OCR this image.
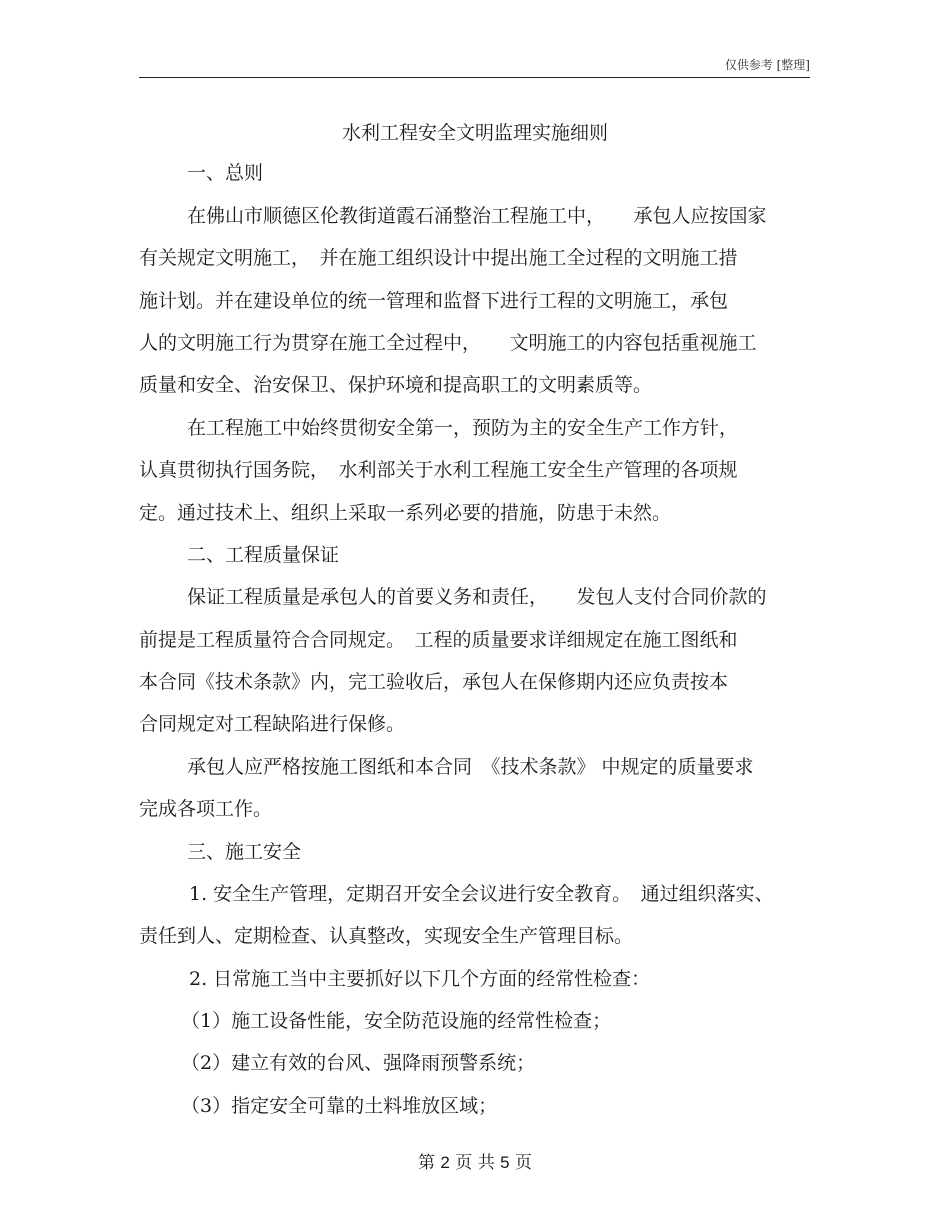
仅供参考 [整理]
水利工程安全文明监理实施细则
一、总则
在佛山市顺德区伦教街道霞石涌整治工程施工中，　　承包人应按国家
有关规定文明施工，　并在施工组织设计中提出施工全过程的文明施工措
施计划。并在建设单位的统一管理和监督下进行工程的文明施工，承包
人的文明施工行为贯穿在施工全过程中，　　文明施工的内容包括重视施工
质量和安全、治安保卫、保护环境和提高职工的文明素质等。
在工程施工中始终贯彻安全第一，预防为主的安全生产工作方针，
认真贯彻执行国务院，　水利部关于水利工程施工安全生产管理的各项规
定。通过技术上、组织上采取一系列必要的措施，防患于未然。
二、工程质量保证
保证工程质量是承包人的首要义务和责任，　　发包人支付合同价款的
前提是工程质量符合合同规定。　工程的质量要求详细规定在施工图纸和
本合同《技术条款》内，完工验收后，承包人在保修期内还应负责按本
合同规定对工程缺陷进行保修。
承包人应严格按施工图纸和本合同　《技术条款》 中规定的质量要求
完成各项工作。
三、施工安全
1. 安全生产管理，定期召开安全会议进行安全教育。　通过组织落实、
责任到人、定期检查、认真整改，实现安全生产管理目标。
2. 日常施工当中主要抓好以下几个方面的经常性检查：
（1）施工设备性能，安全防范设施的经常性检查；
（2）建立有效的台风、强降雨预警系统；
（3）指定安全可靠的土料堆放区域；
第 2 页 共 5 页
